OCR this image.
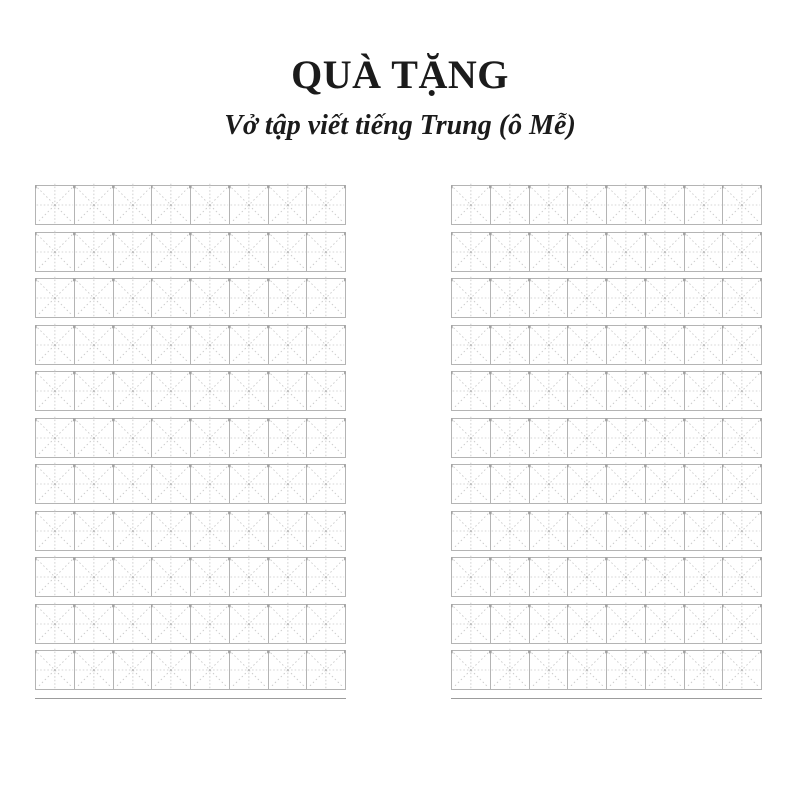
QUÀ TẶNG
Vở tập viết tiếng Trung (ô Mễ)
